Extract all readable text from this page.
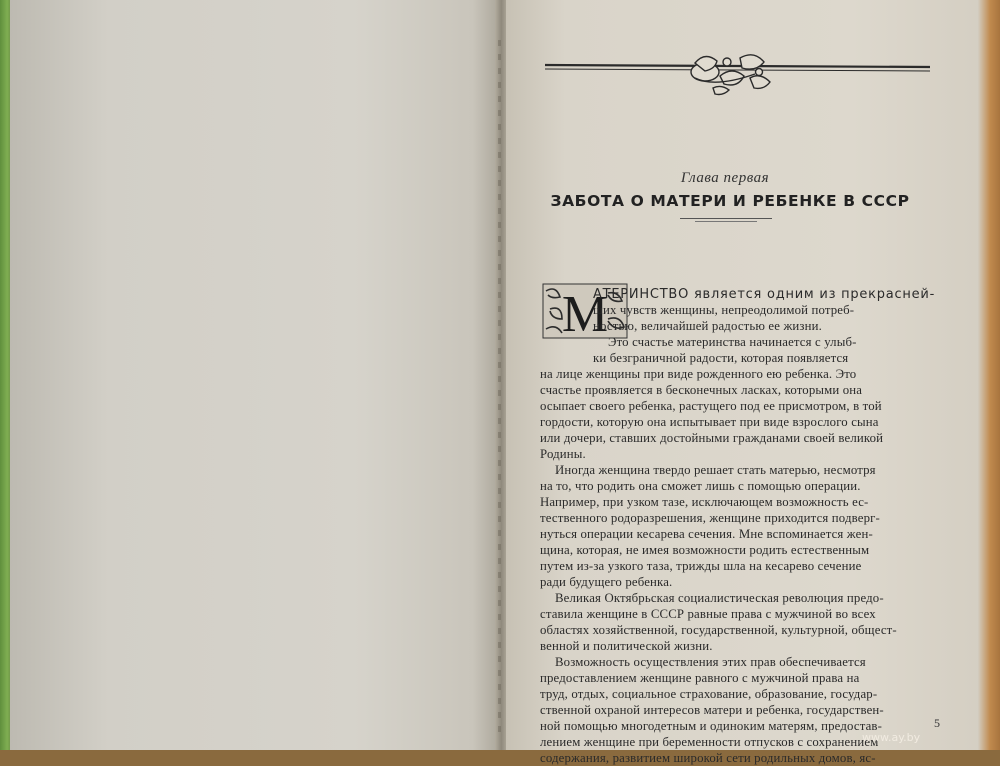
Глава первая
ЗАБОТА О МАТЕРИ И РЕБЕНКЕ В СССР
М
АТЕРИНСТВО является одним из прекрасней-
ших чувств женщины, непреодолимой потреб-
ностью, величайшей радостью ее жизни.
Это счастье материнства начинается с улыб-
ки безграничной радости, которая появляется
на лице женщины при виде рожденного ею ребенка. Это
счастье проявляется в бесконечных ласках, которыми она
осыпает своего ребенка, растущего под ее присмотром, в той
гордости, которую она испытывает при виде взрослого сына
или дочери, ставших достойными гражданами своей великой
Родины.
Иногда женщина твердо решает стать матерью, несмотря
на то, что родить она сможет лишь с помощью операции.
Например, при узком тазе, исключающем возможность ес-
тественного родоразрешения, женщине приходится подверг-
нуться операции кесарева сечения. Мне вспоминается жен-
щина, которая, не имея возможности родить естественным
путем из-за узкого таза, трижды шла на кесарево сечение
ради будущего ребенка.
Великая Октябрьская социалистическая революция предо-
ставила женщине в СССР равные права с мужчиной во всех
областях хозяйственной, государственной, культурной, общест-
венной и политической жизни.
Возможность осуществления этих прав обеспечивается
предоставлением женщине равного с мужчиной права на
труд, отдых, социальное страхование, образование, государ-
ственной охраной интересов матери и ребенка, государствен-
ной помощью многодетным и одиноким матерям, предостав-
лением женщине при беременности отпусков с сохранением
содержания, развитием широкой сети родильных домов, яс-
5
www.ay.by
